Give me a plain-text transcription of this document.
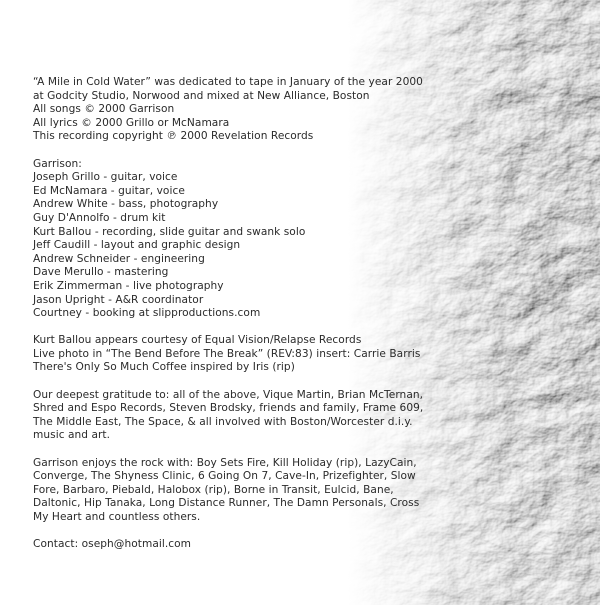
“A Mile in Cold Water” was dedicated to tape in January of the year 2000
at Godcity Studio, Norwood and mixed at New Alliance, Boston
All songs © 2000 Garrison
All lyrics © 2000 Grillo or McNamara
This recording copyright ℗ 2000 Revelation Records
Garrison:
Joseph Grillo - guitar, voice
Ed McNamara - guitar, voice
Andrew White - bass, photography
Guy D'Annolfo - drum kit
Kurt Ballou - recording, slide guitar and swank solo
Jeff Caudill - layout and graphic design
Andrew Schneider - engineering
Dave Merullo - mastering
Erik Zimmerman - live photography
Jason Upright - A&R coordinator
Courtney - booking at slipproductions.com
Kurt Ballou appears courtesy of Equal Vision/Relapse Records
Live photo in “The Bend Before The Break” (REV:83) insert: Carrie Barris
There's Only So Much Coffee inspired by Iris (rip)
Our deepest gratitude to: all of the above, Vique Martin, Brian McTernan,
Shred and Espo Records, Steven Brodsky, friends and family, Frame 609,
The Middle East, The Space, & all involved with Boston/Worcester d.i.y.
music and art.
Garrison enjoys the rock with: Boy Sets Fire, Kill Holiday (rip), LazyCain,
Converge, The Shyness Clinic, 6 Going On 7, Cave-In, Prizefighter, Slow
Fore, Barbaro, Piebald, Halobox (rip), Borne in Transit, Eulcid, Bane,
Daltonic, Hip Tanaka, Long Distance Runner, The Damn Personals, Cross
My Heart and countless others.
Contact: oseph@hotmail.com
